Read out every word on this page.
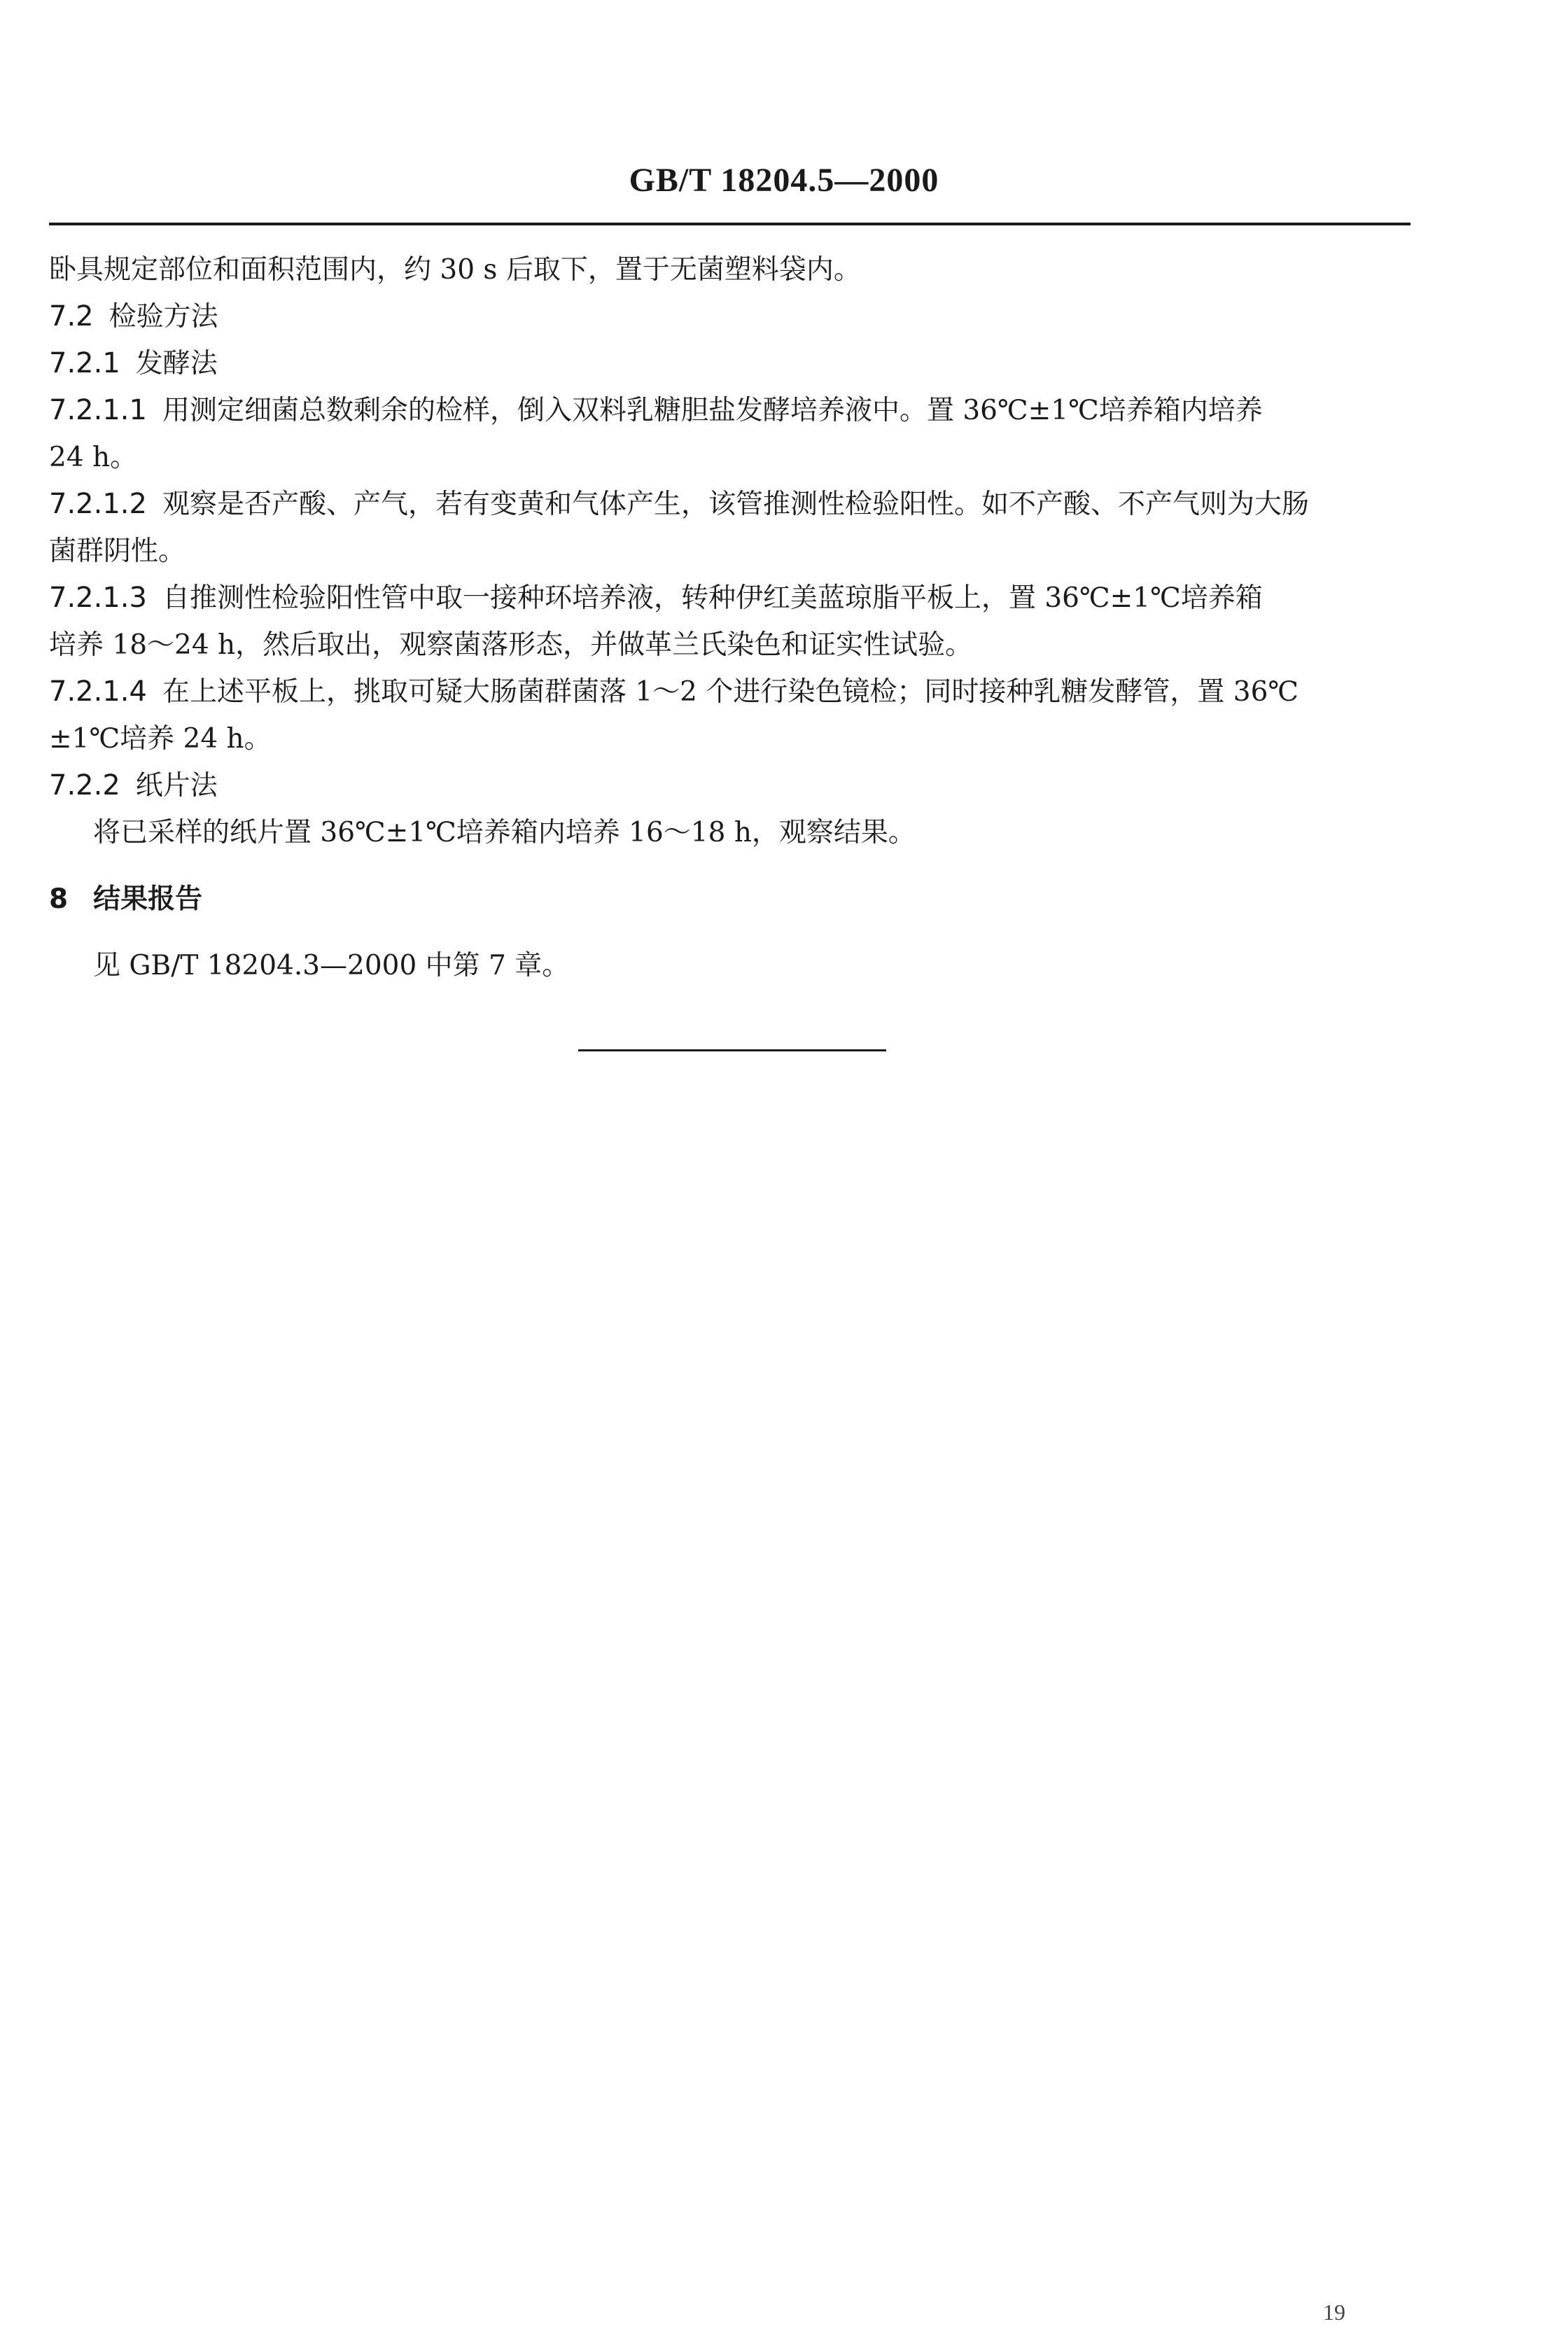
GB/T 18204.5—2000

卧具规定部位和面积范围内，约 30 s 后取下，置于无菌塑料袋内。

7.2 检验方法

7.2.1 发酵法

7.2.1.1 用测定细菌总数剩余的检样，倒入双料乳糖胆盐发酵培养液中。置 36℃±1℃培养箱内培养

24 h。

7.2.1.2 观察是否产酸、产气，若有变黄和气体产生，该管推测性检验阳性。如不产酸、不产气则为大肠

菌群阴性。

7.2.1.3 自推测性检验阳性管中取一接种环培养液，转种伊红美蓝琼脂平板上，置 36℃±1℃培养箱

培养 18～24 h，然后取出，观察菌落形态，并做革兰氏染色和证实性试验。

7.2.1.4 在上述平板上，挑取可疑大肠菌群菌落 1～2 个进行染色镜检；同时接种乳糖发酵管，置 36℃

±1℃培养 24 h。

7.2.2 纸片法

将已采样的纸片置 36℃±1℃培养箱内培养 16～18 h，观察结果。

8 结果报告

见 GB/T 18204.3—2000 中第 7 章。

19
